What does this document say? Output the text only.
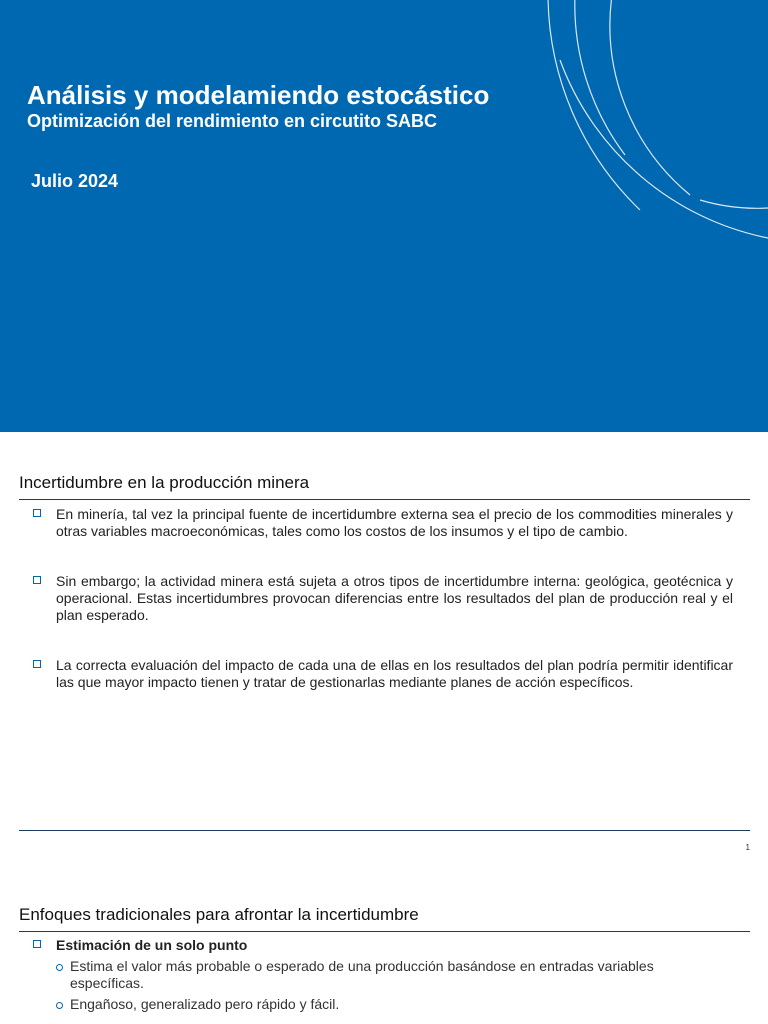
Análisis y modelamiendo estocástico
Optimización del rendimiento en circutito SABC
Julio 2024
Incertidumbre en la producción minera
En minería, tal vez la principal fuente de incertidumbre externa sea el precio de los commodities minerales y otras variables macroeconómicas, tales como los costos de los insumos y el tipo de cambio.
Sin embargo; la actividad minera está sujeta a otros tipos de incertidumbre interna: geológica, geotécnica y operacional. Estas incertidumbres provocan diferencias entre los resultados del plan de producción real y el plan esperado.
La correcta evaluación del impacto de cada una de ellas en los resultados del plan podría permitir identificar las que mayor impacto tienen y tratar de gestionarlas mediante planes de acción específicos.
1
Enfoques tradicionales para afrontar la incertidumbre
Estimación de un solo punto
Estima el valor más probable o esperado de una producción basándose en entradas variables específicas.
Engañoso, generalizado pero rápido y fácil.
